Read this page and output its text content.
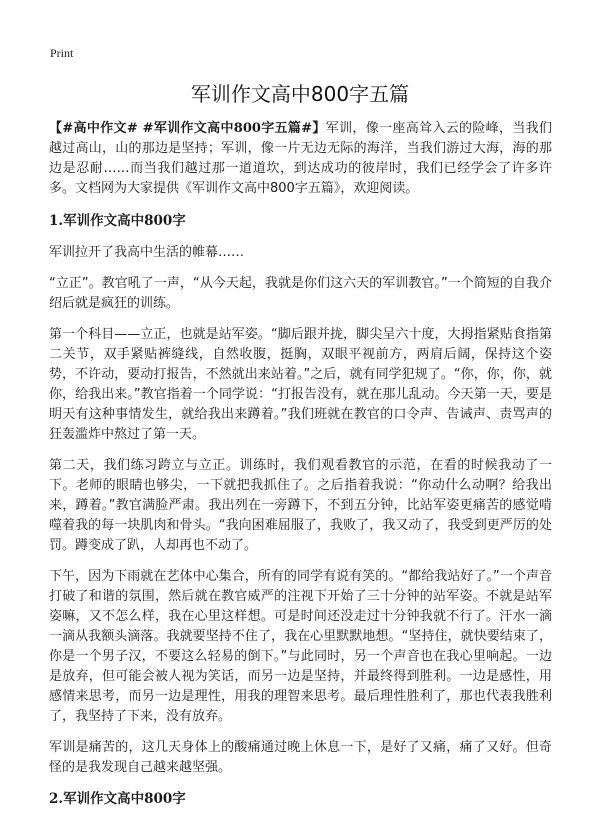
Print
军训作文高中800字五篇

【#高中作文# #军训作文高中800字五篇#】军训，像一座高耸入云的险峰，当我们越过高山，山的那边是坚持；军训，像一片无边无际的海洋，当我们游过大海，海的那边是忍耐……而当我们越过那一道道坎，到达成功的彼岸时，我们已经学会了许多许多。文档网为大家提供《军训作文高中800字五篇》，欢迎阅读。

1.军训作文高中800字

军训拉开了我高中生活的帷幕……

“立正”。教官吼了一声，“从今天起，我就是你们这六天的军训教官。”一个简短的自我介绍后就是疯狂的训练。

第一个科目——立正，也就是站军姿。“脚后跟并拢，脚尖呈六十度，大拇指紧贴食指第二关节，双手紧贴裤缝线，自然收腹，挺胸，双眼平视前方，两肩后阔，保持这个姿势，不许动，要动打报告，不然就出来站着。”之后，就有同学犯规了。“你，你，你，就你，给我出来。”教官指着一个同学说：“打报告没有，就在那儿乱动。今天第一天，要是明天有这种事情发生，就给我出来蹲着。”我们班就在教官的口令声、告诫声、责骂声的狂轰滥炸中熬过了第一天。

第二天，我们练习跨立与立正。训练时，我们观看教官的示范，在看的时候我动了一下。老师的眼睛也够尖，一下就把我抓住了。之后指着我说：“你动什么动啊？给我出来，蹲着。”教官满脸严肃。我出列在一旁蹲下，不到五分钟，比站军姿更痛苦的感觉啃噬着我的每一块肌肉和骨头。“我向困难屈服了，我败了，我又动了，我受到更严厉的处罚。蹲变成了趴，人却再也不动了。

下午，因为下雨就在艺体中心集合，所有的同学有说有笑的。“都给我站好了。”一个声音打破了和谐的氛围，然后就在教官威严的注视下开始了三十分钟的站军姿。不就是站军姿嘛，又不怎么样，我在心里这样想。可是时间还没走过十分钟我就不行了。汗水一滴一滴从我额头滴落。我就要坚持不住了，我在心里默默地想。“坚持住，就快要结束了，你是一个男子汉，不要这么轻易的倒下。”与此同时，另一个声音也在我心里响起。一边是放弃，但可能会被人视为笑话，而另一边是坚持，并最终得到胜利。一边是感性，用感情来思考，而另一边是理性，用我的理智来思考。最后理性胜利了，那也代表我胜利了，我坚持了下来，没有放弃。

军训是痛苦的，这几天身体上的酸痛通过晚上休息一下，是好了又痛，痛了又好。但奇怪的是我发现自己越来越坚强。

2.军训作文高中800字
